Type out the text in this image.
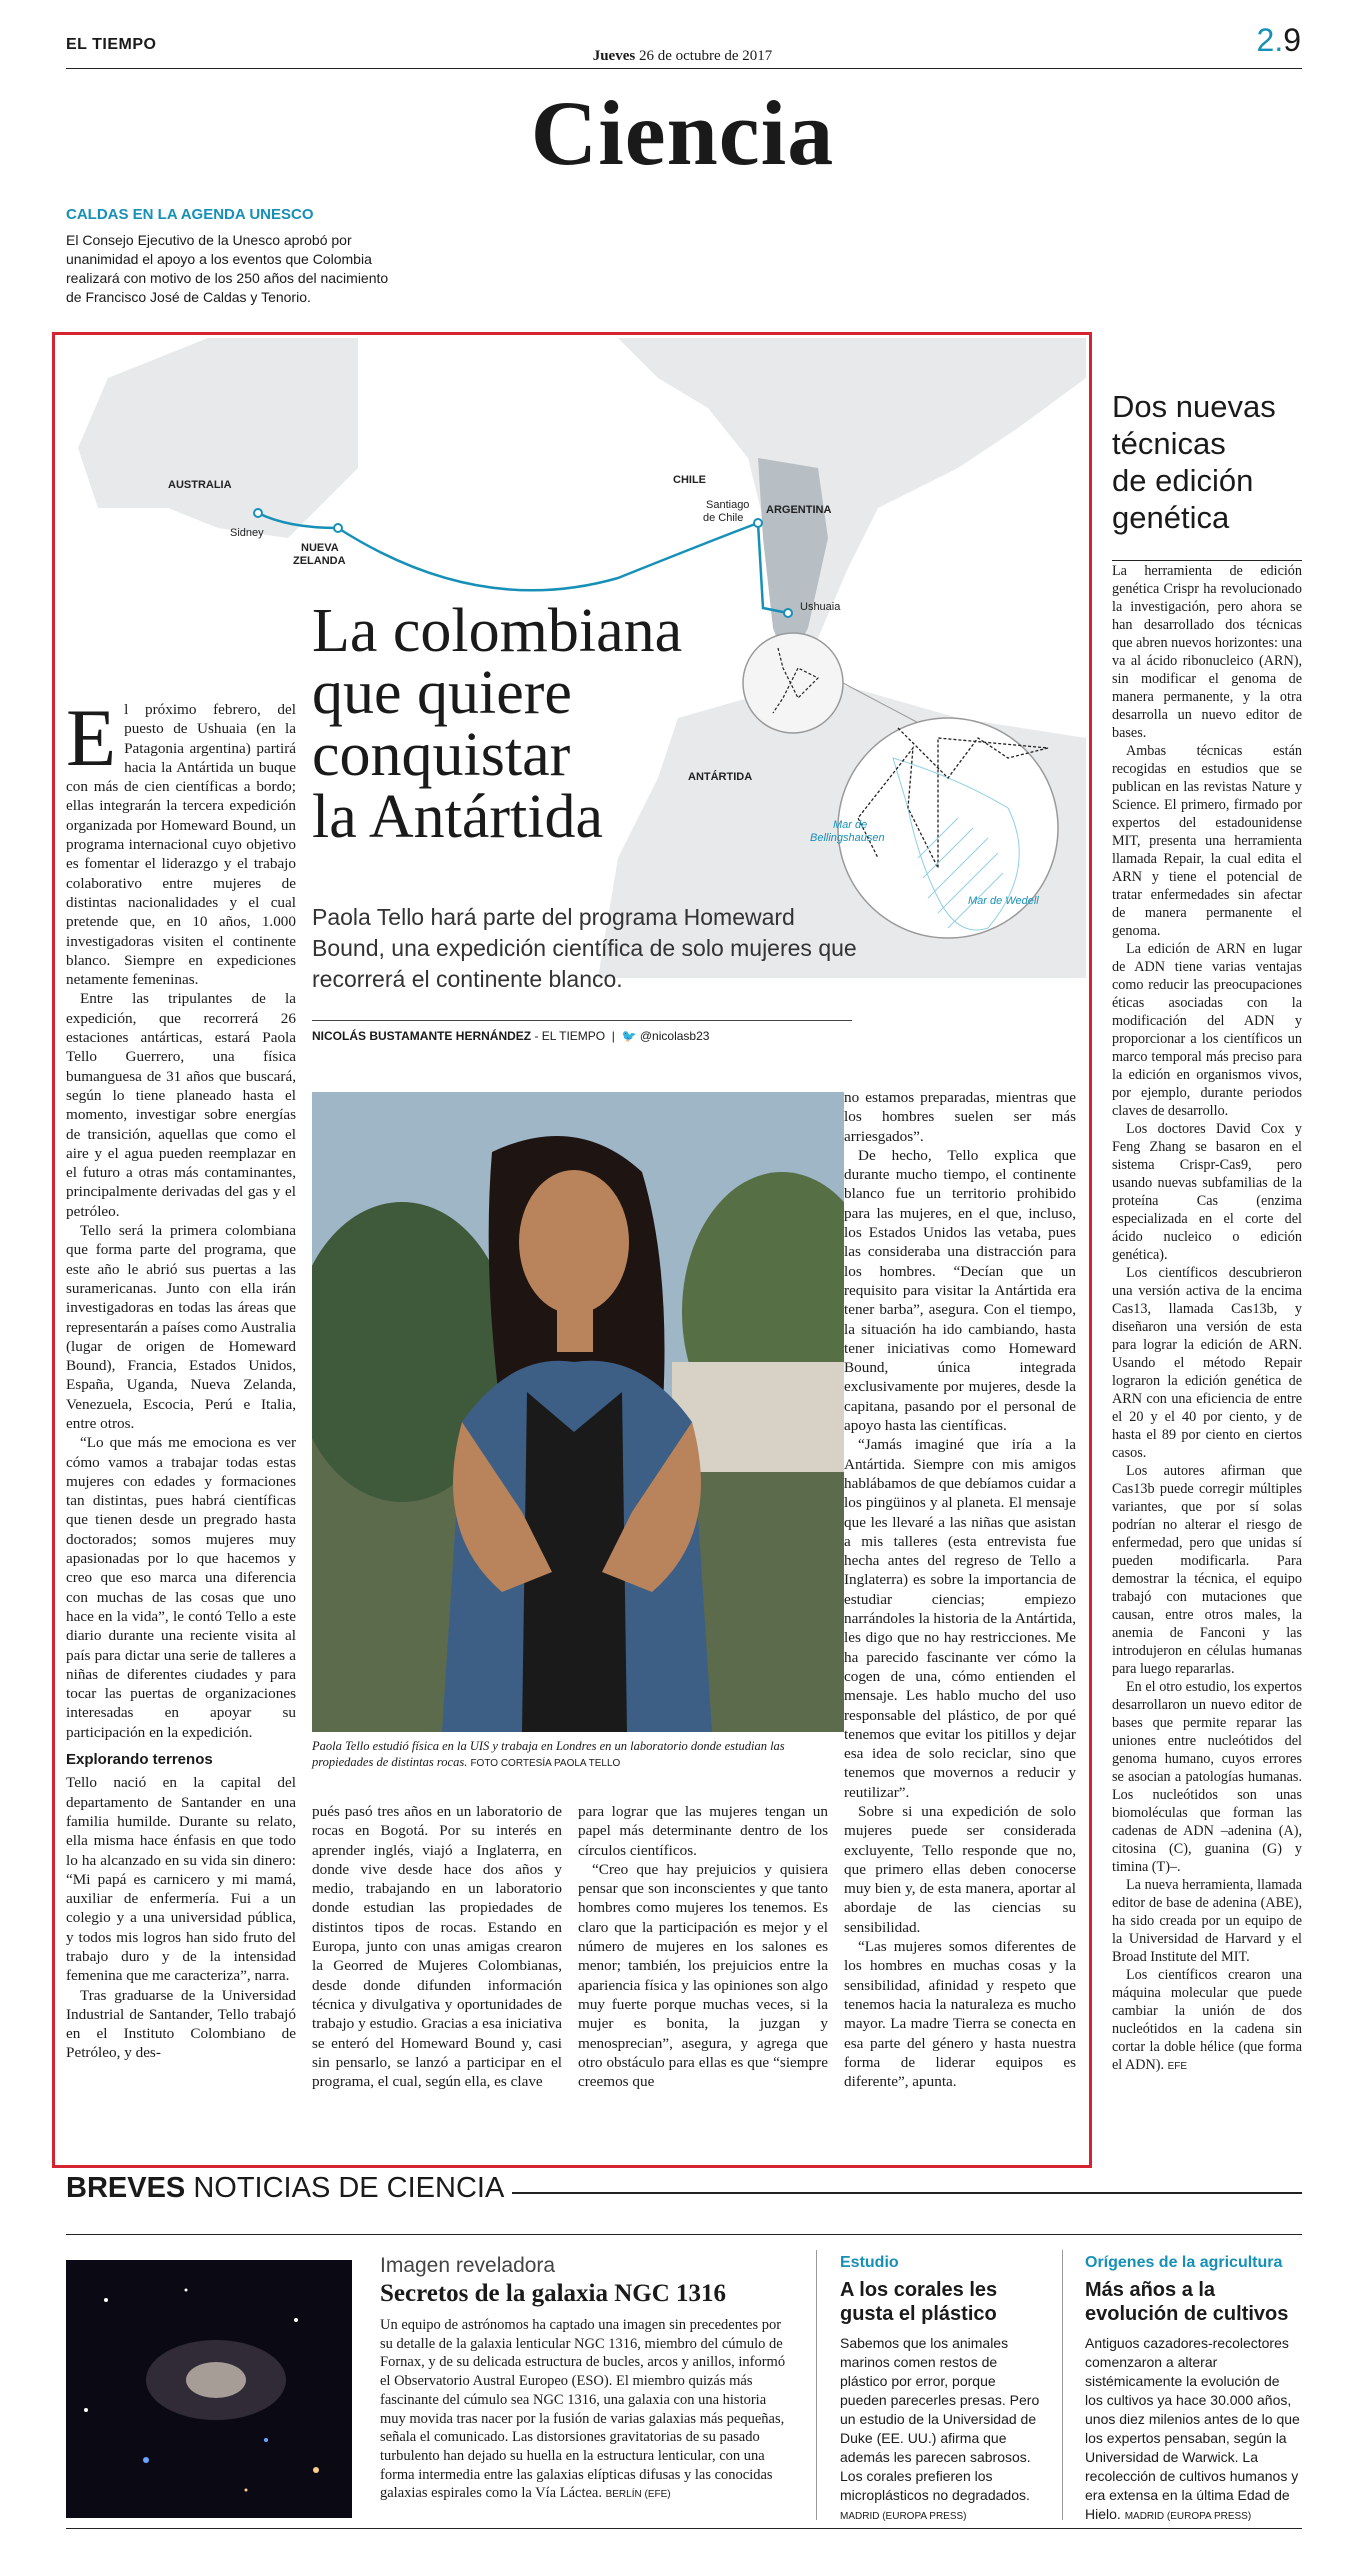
EL TIEMPO
Jueves 26 de octubre de 2017	2.9
Ciencia
CALDAS EN LA AGENDA UNESCO
El Consejo Ejecutivo de la Unesco aprobó por unanimidad el apoyo a los eventos que Colombia realizará con motivo de los 250 años del nacimiento de Francisco José de Caldas y Tenorio.
AUSTRALIA
Sidney
NUEVA
ZELANDA
CHILE
Santiago
de Chile
ARGENTINA
Ushuaia
ANTÁRTIDA
Mar de
Bellingshausen
Mar de Wedell
La colombiana
que quiere
conquistar
la Antártida
Paola Tello hará parte del programa Homeward Bound, una expedición científica de solo mujeres que recorrerá el continente blanco.
NICOLÁS BUSTAMANTE HERNÁNDEZ - EL TIEMPO  |  🐦 @nicolasb23
E l próximo febrero, del puesto de Ushuaia (en la Patagonia argentina) partirá hacia la Antártida un buque con más de cien científicas a bordo; ellas integrarán la tercera expedición organizada por Homeward Bound, un programa internacional cuyo objetivo es fomentar el liderazgo y el trabajo colaborativo entre mujeres de distintas nacionalidades y el cual pretende que, en 10 años, 1.000 investigadoras visiten el continente blanco. Siempre en expediciones netamente femeninas.

Entre las tripulantes de la expedición, que recorrerá 26 estaciones antárticas, estará Paola Tello Guerrero, una física bumanguesa de 31 años que buscará, según lo tiene planeado hasta el momento, investigar sobre energías de transición, aquellas que como el aire y el agua pueden reemplazar en el futuro a otras más contaminantes, principalmente derivadas del gas y el petróleo.

Tello será la primera colombiana que forma parte del programa, que este año le abrió sus puertas a las suramericanas. Junto con ella irán investigadoras en todas las áreas que representarán a países como Australia (lugar de origen de Homeward Bound), Francia, Estados Unidos, España, Uganda, Nueva Zelanda, Venezuela, Escocia, Perú e Italia, entre otros.

“Lo que más me emociona es ver cómo vamos a trabajar todas estas mujeres con edades y formaciones tan distintas, pues habrá científicas que tienen desde un pregrado hasta doctorados; somos mujeres muy apasionadas por lo que hacemos y creo que eso marca una diferencia con muchas de las cosas que uno hace en la vida”, le contó Tello a este diario durante una reciente visita al país para dictar una serie de talleres a niñas de diferentes ciudades y para tocar las puertas de organizaciones interesadas en apoyar su participación en la expedición.

Explorando terrenos

Tello nació en la capital del departamento de Santander en una familia humilde. Durante su relato, ella misma hace énfasis en que todo lo ha alcanzado en su vida sin dinero: “Mi papá es carnicero y mi mamá, auxiliar de enfermería. Fui a un colegio y a una universidad pública, y todos mis logros han sido fruto del trabajo duro y de la intensidad femenina que me caracteriza”, narra.

Tras graduarse de la Universidad Industrial de Santander, Tello trabajó en el Instituto Colombiano de Petróleo, y des-

Paola Tello estudió física en la UIS y trabaja en Londres en un laboratorio donde estudian las propiedades de distintas rocas. FOTO CORTESÍA PAOLA TELLO

pués pasó tres años en un laboratorio de rocas en Bogotá. Por su interés en aprender inglés, viajó a Inglaterra, en donde vive desde hace dos años y medio, trabajando en un laboratorio donde estudian las propiedades de distintos tipos de rocas. Estando en Europa, junto con unas amigas crearon la Georred de Mujeres Colombianas, desde donde difunden información técnica y divulgativa y oportunidades de trabajo y estudio. Gracias a esa iniciativa se enteró del Homeward Bound y, casi sin pensarlo, se lanzó a participar en el programa, el cual, según ella, es clave

para lograr que las mujeres tengan un papel más determinante dentro de los círculos científicos.

“Creo que hay prejuicios y quisiera pensar que son inconscientes y que tanto hombres como mujeres los tenemos. Es claro que la participación es mejor y el número de mujeres en los salones es menor; también, los prejuicios entre la apariencia física y las opiniones son algo muy fuerte porque muchas veces, si la mujer es bonita, la juzgan y menosprecian”, asegura, y agrega que otro obstáculo para ellas es que “siempre creemos que

no estamos preparadas, mientras que los hombres suelen ser más arriesgados”.

De hecho, Tello explica que durante mucho tiempo, el continente blanco fue un territorio prohibido para las mujeres, en el que, incluso, los Estados Unidos las vetaba, pues las consideraba una distracción para los hombres. “Decían que un requisito para visitar la Antártida era tener barba”, asegura. Con el tiempo, la situación ha ido cambiando, hasta tener iniciativas como Homeward Bound, única integrada exclusivamente por mujeres, desde la capitana, pasando por el personal de apoyo hasta las científicas.

“Jamás imaginé que iría a la Antártida. Siempre con mis amigos hablábamos de que debíamos cuidar a los pingüinos y al planeta. El mensaje que les llevaré a las niñas que asistan a mis talleres (esta entrevista fue hecha antes del regreso de Tello a Inglaterra) es sobre la importancia de estudiar ciencias; empiezo narrándoles la historia de la Antártida, les digo que no hay restricciones. Me ha parecido fascinante ver cómo la cogen de una, cómo entienden el mensaje. Les hablo mucho del uso responsable del plástico, de por qué tenemos que evitar los pitillos y dejar esa idea de solo reciclar, sino que tenemos que movernos a reducir y reutilizar”.

Sobre si una expedición de solo mujeres puede ser considerada excluyente, Tello responde que no, que primero ellas deben conocerse muy bien y, de esta manera, aportar al abordaje de las ciencias su sensibilidad.

“Las mujeres somos diferentes de los hombres en muchas cosas y la sensibilidad, afinidad y respeto que tenemos hacia la naturaleza es mucho mayor. La madre Tierra se conecta en esa parte del género y hasta nuestra forma de liderar equipos es diferente”, apunta.

Dos nuevas
técnicas
de edición
genética

La herramienta de edición genética Crispr ha revolucionado la investigación, pero ahora se han desarrollado dos técnicas que abren nuevos horizontes: una va al ácido ribonucleico (ARN), sin modificar el genoma de manera permanente, y la otra desarrolla un nuevo editor de bases.

Ambas técnicas están recogidas en estudios que se publican en las revistas Nature y Science. El primero, firmado por expertos del estadounidense MIT, presenta una herramienta llamada Repair, la cual edita el ARN y tiene el potencial de tratar enfermedades sin afectar de manera permanente el genoma.

La edición de ARN en lugar de ADN tiene varias ventajas como reducir las preocupaciones éticas asociadas con la modificación del ADN y proporcionar a los científicos un marco temporal más preciso para la edición en organismos vivos, por ejemplo, durante periodos claves de desarrollo.

Los doctores David Cox y Feng Zhang se basaron en el sistema Crispr-Cas9, pero usando nuevas subfamilias de la proteína Cas (enzima especializada en el corte del ácido nucleico o edición genética).

Los científicos descubrieron una versión activa de la encima Cas13, llamada Cas13b, y diseñaron una versión de esta para lograr la edición de ARN. Usando el método Repair lograron la edición genética de ARN con una eficiencia de entre el 20 y el 40 por ciento, y de hasta el 89 por ciento en ciertos casos.

Los autores afirman que Cas13b puede corregir múltiples variantes, que por sí solas podrían no alterar el riesgo de enfermedad, pero que unidas sí pueden modificarla. Para demostrar la técnica, el equipo trabajó con mutaciones que causan, entre otros males, la anemia de Fanconi y las introdujeron en células humanas para luego repararlas.

En el otro estudio, los expertos desarrollaron un nuevo editor de bases que permite reparar las uniones entre nucleótidos del genoma humano, cuyos errores se asocian a patologías humanas. Los nucleótidos son unas biomoléculas que forman las cadenas de ADN –adenina (A), citosina (C), guanina (G) y timina (T)–.

La nueva herramienta, llamada editor de base de adenina (ABE), ha sido creada por un equipo de la Universidad de Harvard y el Broad Institute del MIT.

Los científicos crearon una máquina molecular que puede cambiar la unión de dos nucleótidos en la cadena sin cortar la doble hélice (que forma el ADN). EFE

BREVES NOTICIAS DE CIENCIA
Imagen reveladora
Secretos de la galaxia NGC 1316
Un equipo de astrónomos ha captado una imagen sin precedentes por su detalle de la galaxia lenticular NGC 1316, miembro del cúmulo de Fornax, y de su delicada estructura de bucles, arcos y anillos, informó el Observatorio Austral Europeo (ESO). El miembro quizás más fascinante del cúmulo sea NGC 1316, una galaxia con una historia muy movida tras nacer por la fusión de varias galaxias más pequeñas, señala el comunicado. Las distorsiones gravitatorias de su pasado turbulento han dejado su huella en la estructura lenticular, con una forma intermedia entre las galaxias elípticas difusas y las conocidas galaxias espirales como la Vía Láctea. BERLÍN (EFE)
Estudio
A los corales les gusta el plástico
Sabemos que los animales marinos comen restos de plástico por error, porque pueden parecerles presas. Pero un estudio de la Universidad de Duke (EE. UU.) afirma que además les parecen sabrosos. Los corales prefieren los microplásticos no degradados. MADRID (EUROPA PRESS)
Orígenes de la agricultura
Más años a la evolución de cultivos
Antiguos cazadores-recolectores comenzaron a alterar sistémicamente la evolución de los cultivos ya hace 30.000 años, unos diez milenios antes de lo que los expertos pensaban, según la Universidad de Warwick. La recolección de cultivos humanos y era extensa en la última Edad de Hielo. MADRID (EUROPA PRESS)
